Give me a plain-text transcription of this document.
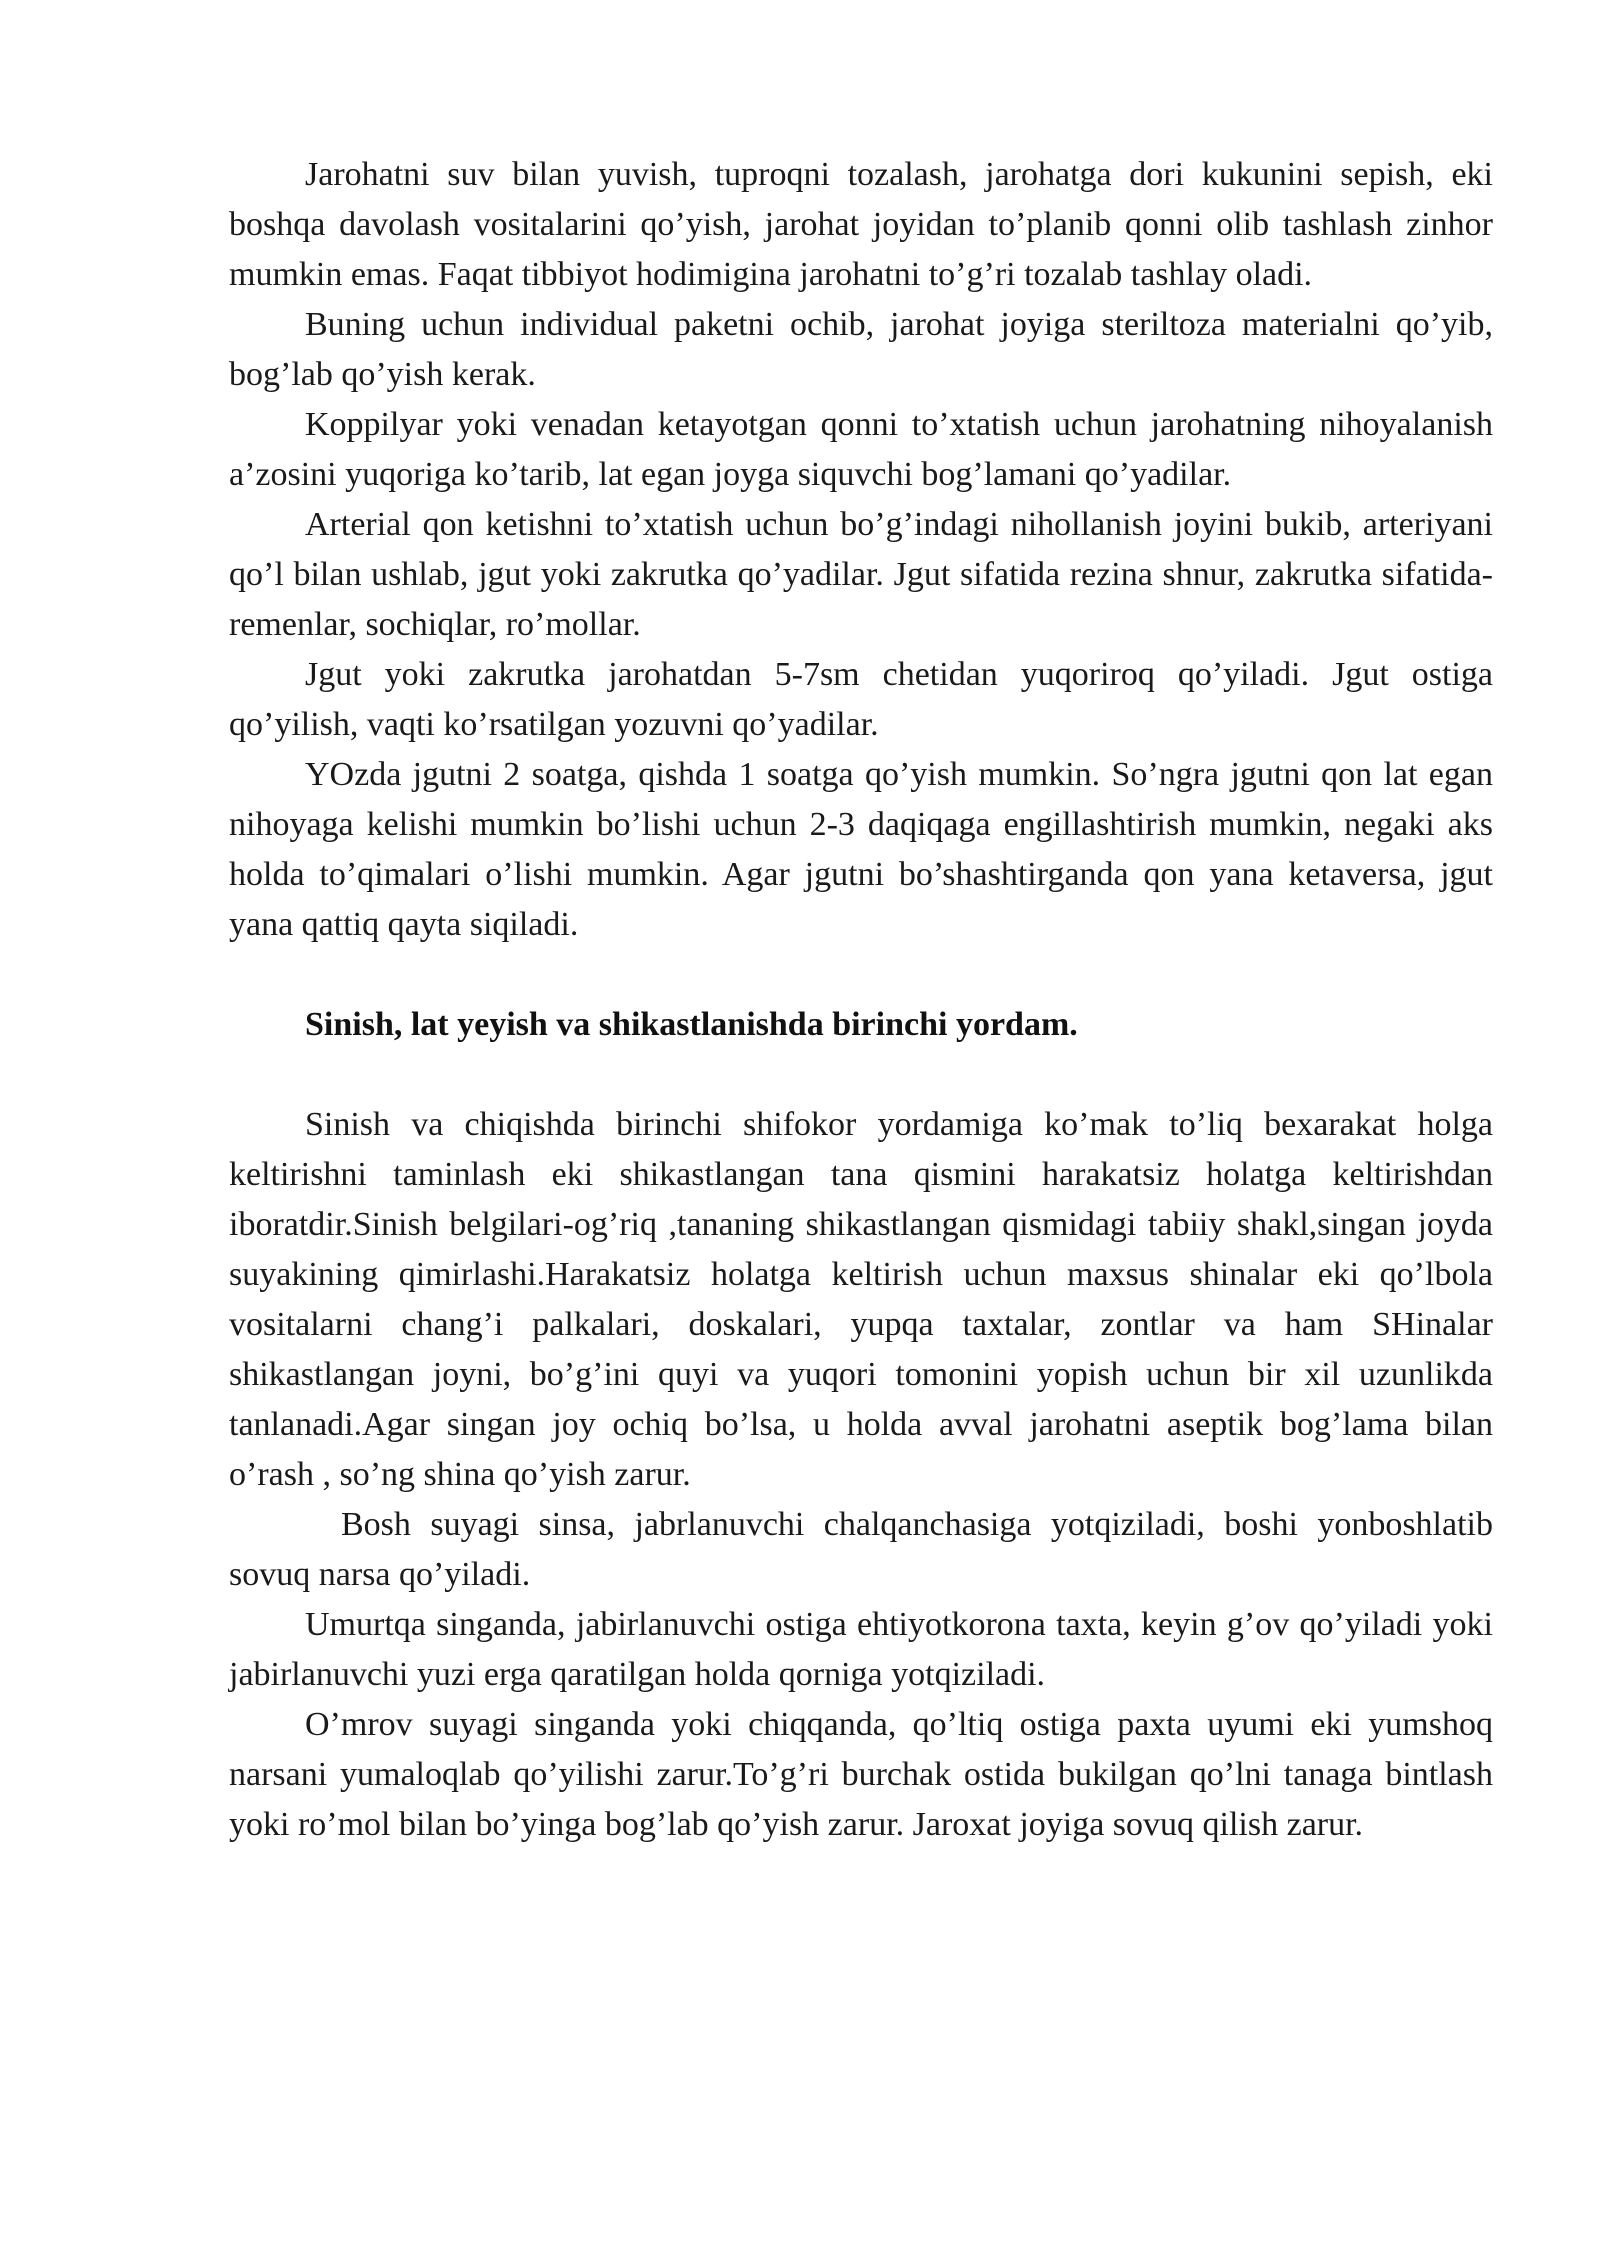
Jarohatni suv bilan yuvish, tuproqni tozalash, jarohatga dori kukunini sepish, eki boshqa davolash vositalarini qo’yish, jarohat joyidan to’planib qonni olib tashlash zinhor mumkin emas. Faqat tibbiyot hodimigina jarohatni to’g’ri tozalab tashlay oladi.

Buning uchun individual paketni ochib, jarohat joyiga steriltoza materialni qo’yib, bog’lab qo’yish kerak.

Koppilyar yoki venadan ketayotgan qonni to’xtatish uchun jarohatning nihoyalanish a’zosini yuqoriga ko’tarib, lat egan joyga siquvchi bog’lamani qo’yadilar.

Arterial qon ketishni to’xtatish uchun bo’g’indagi nihollanish joyini bukib, arteriyani qo’l bilan ushlab, jgut yoki zakrutka qo’yadilar. Jgut sifatida rezina shnur, zakrutka sifatida-remenlar, sochiqlar, ro’mollar.

Jgut yoki zakrutka jarohatdan 5-7sm chetidan yuqoriroq qo’yiladi. Jgut ostiga qo’yilish, vaqti ko’rsatilgan yozuvni qo’yadilar.

YOzda jgutni 2 soatga, qishda 1 soatga qo’yish mumkin. So’ngra jgutni qon lat egan nihoyaga kelishi mumkin bo’lishi uchun 2-3 daqiqaga engillashtirish mumkin, negaki aks holda to’qimalari o’lishi mumkin. Agar jgutni bo’shashtirganda qon yana ketaversa, jgut yana qattiq qayta siqiladi.

Sinish, lat yeyish va shikastlanishda birinchi yordam.

Sinish va chiqishda birinchi shifokor yordamiga ko’mak to’liq bexarakat holga keltirishni taminlash eki shikastlangan tana qismini harakatsiz holatga keltirishdan iboratdir.Sinish belgilari-og’riq ,tananing shikastlangan qismidagi tabiiy shakl,singan joyda suyakining qimirlashi.Harakatsiz holatga keltirish uchun maxsus shinalar eki qo’lbola vositalarni chang’i palkalari, doskalari, yupqa taxtalar, zontlar va ham SHinalar shikastlangan joyni, bo’g’ini quyi va yuqori tomonini yopish uchun bir xil uzunlikda tanlanadi.Agar singan joy ochiq bo’lsa, u holda avval jarohatni aseptik bog’lama bilan o’rash , so’ng shina qo’yish zarur.

Bosh suyagi sinsa, jabrlanuvchi chalqanchasiga yotqiziladi, boshi yonboshlatib sovuq narsa qo’yiladi.

Umurtqa singanda, jabirlanuvchi ostiga ehtiyotkorona taxta, keyin g’ov qo’yiladi yoki jabirlanuvchi yuzi erga qaratilgan holda qorniga yotqiziladi.

O’mrov suyagi singanda yoki chiqqanda, qo’ltiq ostiga paxta uyumi eki yumshoq narsani yumaloqlab qo’yilishi zarur.To’g’ri burchak ostida bukilgan qo’lni tanaga bintlash yoki ro’mol bilan bo’yinga bog’lab qo’yish zarur. Jaroxat joyiga sovuq qilish zarur.
